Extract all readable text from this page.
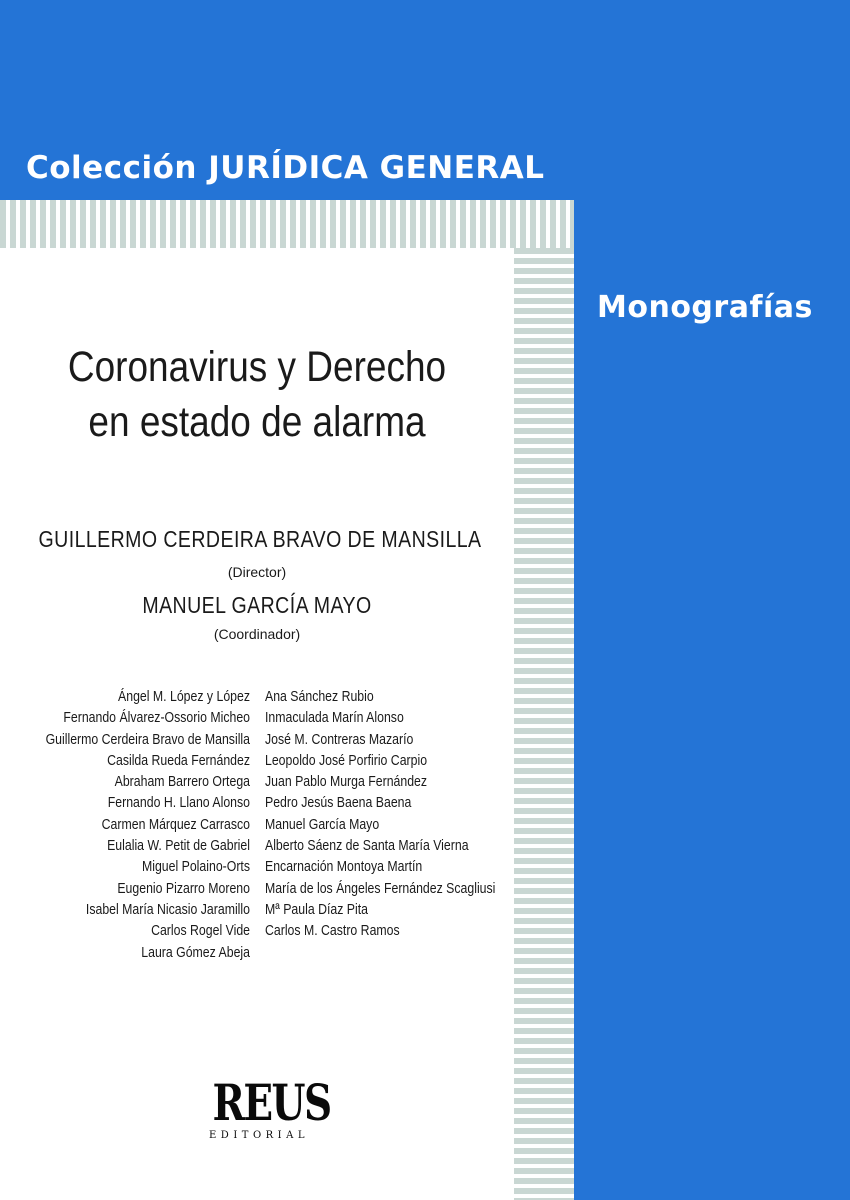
Colección JURÍDICA GENERAL
Monografías
Coronavirus y Derecho
en estado de alarma
GUILLERMO CERDEIRA BRAVO DE MANSILLA
(Director)
MANUEL GARCÍA MAYO
(Coordinador)
Ángel M. López y López
Fernando Álvarez-Ossorio Micheo
Guillermo Cerdeira Bravo de Mansilla
Casilda Rueda Fernández
Abraham Barrero Ortega
Fernando H. Llano Alonso
Carmen Márquez Carrasco
Eulalia W. Petit de Gabriel
Miguel Polaino-Orts
Eugenio Pizarro Moreno
Isabel María Nicasio Jaramillo
Carlos Rogel Vide
Laura Gómez Abeja
Ana Sánchez Rubio
Inmaculada Marín Alonso
José M. Contreras Mazarío
Leopoldo José Porfirio Carpio
Juan Pablo Murga Fernández
Pedro Jesús Baena Baena
Manuel García Mayo
Alberto Sáenz de Santa María Vierna
Encarnación Montoya Martín
María de los Ángeles Fernández Scagliusi
Mª Paula Díaz Pita
Carlos M. Castro Ramos
REUS
EDITORIAL
